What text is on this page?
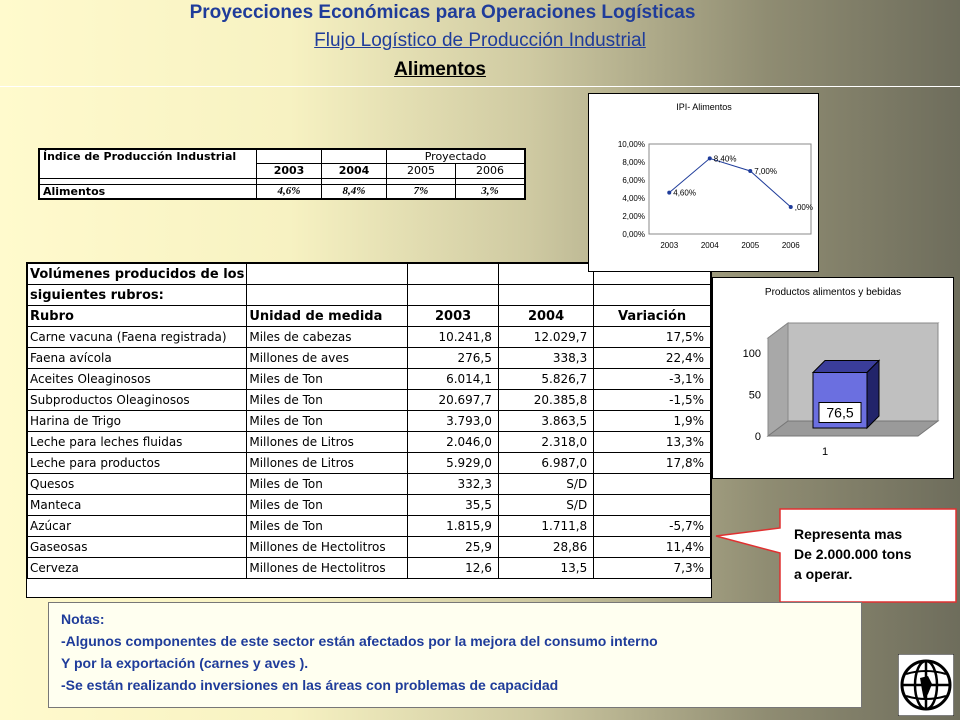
Proyecciones Económicas para Operaciones Logísticas
Flujo Logístico de Producción Industrial
Alimentos
Índice de Producción Industrial			Proyectado	
	2003	2004	2005	2006

Alimentos	4,6%	8,4%	7%	3,%
Volúmenes producidos de los				
siguientes rubros:				
Rubro	Unidad de medida	2003	2004	Variación
Carne vacuna (Faena registrada)	Miles de cabezas	10.241,8	12.029,7	17,5%
Faena avícola	Millones de aves	276,5	338,3	22,4%
Aceites Oleaginosos	Miles de Ton	6.014,1	5.826,7	-3,1%
Subproductos Oleaginosos	Miles de Ton	20.697,7	20.385,8	-1,5%
Harina de Trigo	Miles de Ton	3.793,0	3.863,5	1,9%
Leche para leches fluidas	Millones de Litros	2.046,0	2.318,0	13,3%
Leche para productos	Millones de Litros	5.929,0	6.987,0	17,8%
Quesos	Miles de Ton	332,3	S/D	
Manteca	Miles de Ton	35,5	S/D	
Azúcar	Miles de Ton	1.815,9	1.711,8	-5,7%
Gaseosas	Millones de Hectolitros	25,9	28,86	11,4%
Cerveza	Millones de Hectolitros	12,6	13,5	7,3%
IPI- Alimentos
0,00%
2,00%
4,00%
6,00%
8,00%
10,00%
2003	2004	2005	2006
4,60%
8,40%
7,00%
,00%
Productos alimentos y bebidas
0
50
100
1
76,5
Representa mas
De 2.000.000 tons
a operar.
Notas:
-Algunos componentes de este sector están afectados por la mejora del consumo interno
Y por la exportación (carnes y aves ).
-Se están realizando inversiones en las áreas con problemas de capacidad
